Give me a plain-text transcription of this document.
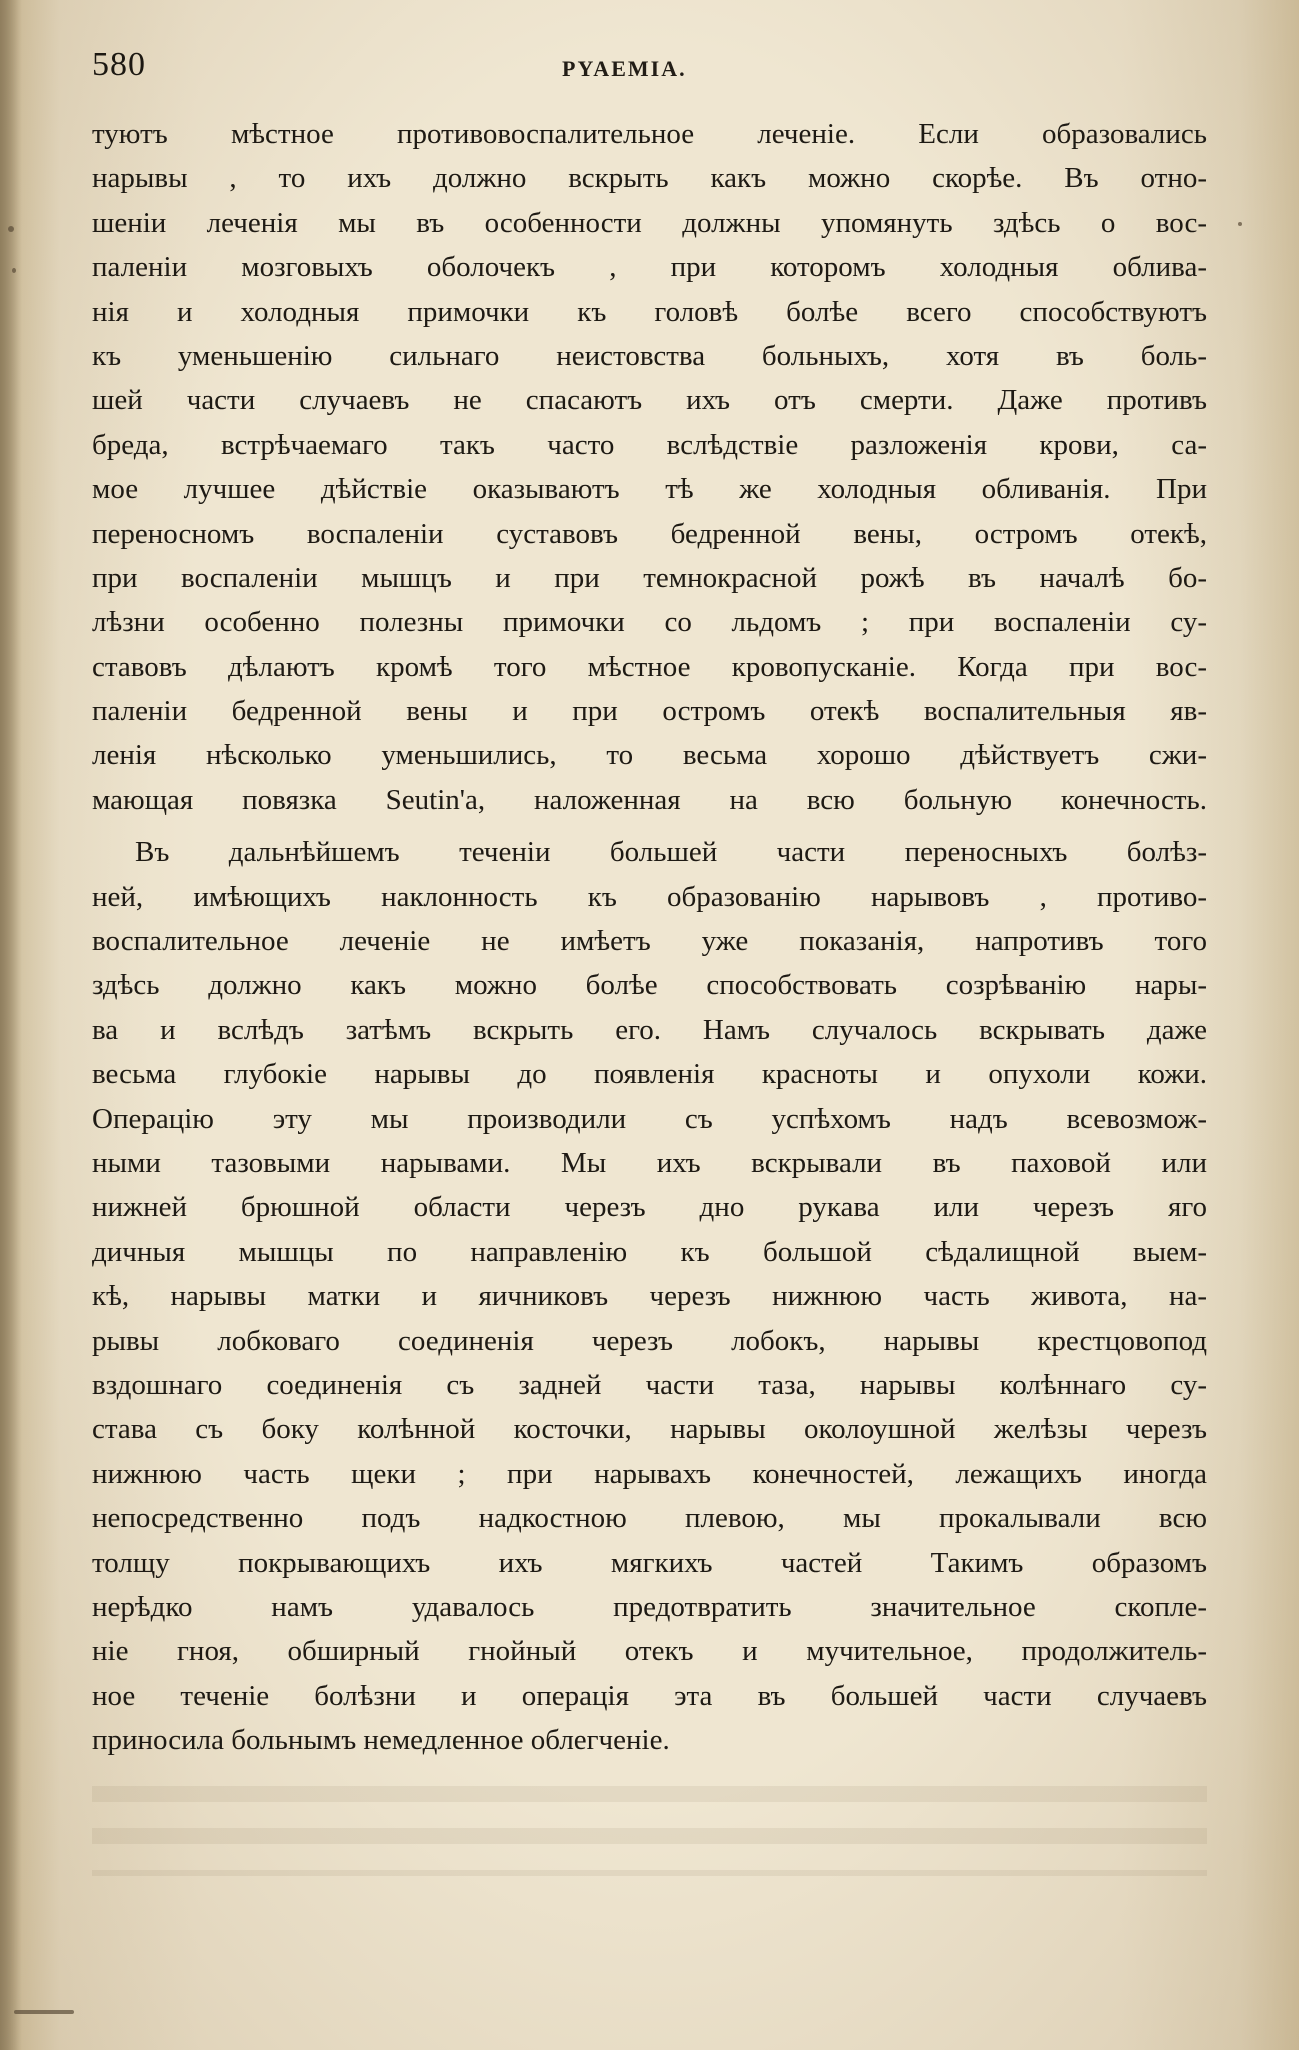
580	PYAEMIA.
туютъ мѣстное противовоспалительное леченіе. Если образовались
нарывы , то ихъ должно вскрыть какъ можно скорѣе. Въ отно-
шеніи леченія мы въ особенности должны упомянуть здѣсь о вос-
паленіи мозговыхъ оболочекъ , при которомъ холодныя облива-
нія и холодныя примочки къ головѣ болѣе всего способствуютъ
къ уменьшенію сильнаго неистовства больныхъ, хотя въ боль-
шей части случаевъ не спасаютъ ихъ отъ смерти. Даже противъ
бреда, встрѣчаемаго такъ часто вслѣдствіе разложенія крови, са-
мое лучшее дѣйствіе оказываютъ тѣ же холодныя обливанія. При
переносномъ воспаленіи суставовъ бедренной вены, остромъ отекѣ,
при воспаленіи мышцъ и при темнокрасной рожѣ въ началѣ бо-
лѣзни особенно полезны примочки со льдомъ ; при воспаленіи су-
ставовъ дѣлаютъ кромѣ того мѣстное кровопусканіе. Когда при вос-
паленіи бедренной вены и при остромъ отекѣ воспалительныя яв-
ленія нѣсколько уменьшились, то весьма хорошо дѣйствуетъ сжи-
мающая повязка Seutin'а, наложенная на всю больную конечность.
Въ дальнѣйшемъ теченіи большей части переносныхъ болѣз-
ней, имѣющихъ наклонность къ образованію нарывовъ , противо-
воспалительное леченіе не имѣетъ уже показанія, напротивъ того
здѣсь должно какъ можно болѣе способствовать созрѣванію нары-
ва и вслѣдъ затѣмъ вскрыть его. Намъ случалось вскрывать даже
весьма глубокіе нарывы до появленія красноты и опухоли кожи.
Операцію эту мы производили съ успѣхомъ надъ всевозмож-
ными тазовыми нарывами. Мы ихъ вскрывали въ паховой или
нижней брюшной области черезъ дно рукава или черезъ яго
дичныя мышцы по направленію къ большой сѣдалищной выем-
кѣ, нарывы матки и яичниковъ черезъ нижнюю часть живота, на-
рывы лобковаго соединенія черезъ лобокъ, нарывы крестцовопод
вздошнаго соединенія съ задней части таза, нарывы колѣннаго су-
става съ боку колѣнной косточки, нарывы околоушной желѣзы черезъ
нижнюю часть щеки ; при нарывахъ конечностей, лежащихъ иногда
непосредственно подъ надкостною плевою, мы прокалывали всю
толщу покрывающихъ ихъ мягкихъ частей Такимъ образомъ
нерѣдко намъ удавалось предотвратить значительное скопле-
ніе гноя, обширный гнойный отекъ и мучительное, продолжитель-
ное теченіе болѣзни и операція эта въ большей части случаевъ
приносила больнымъ немедленное облегченіе.
